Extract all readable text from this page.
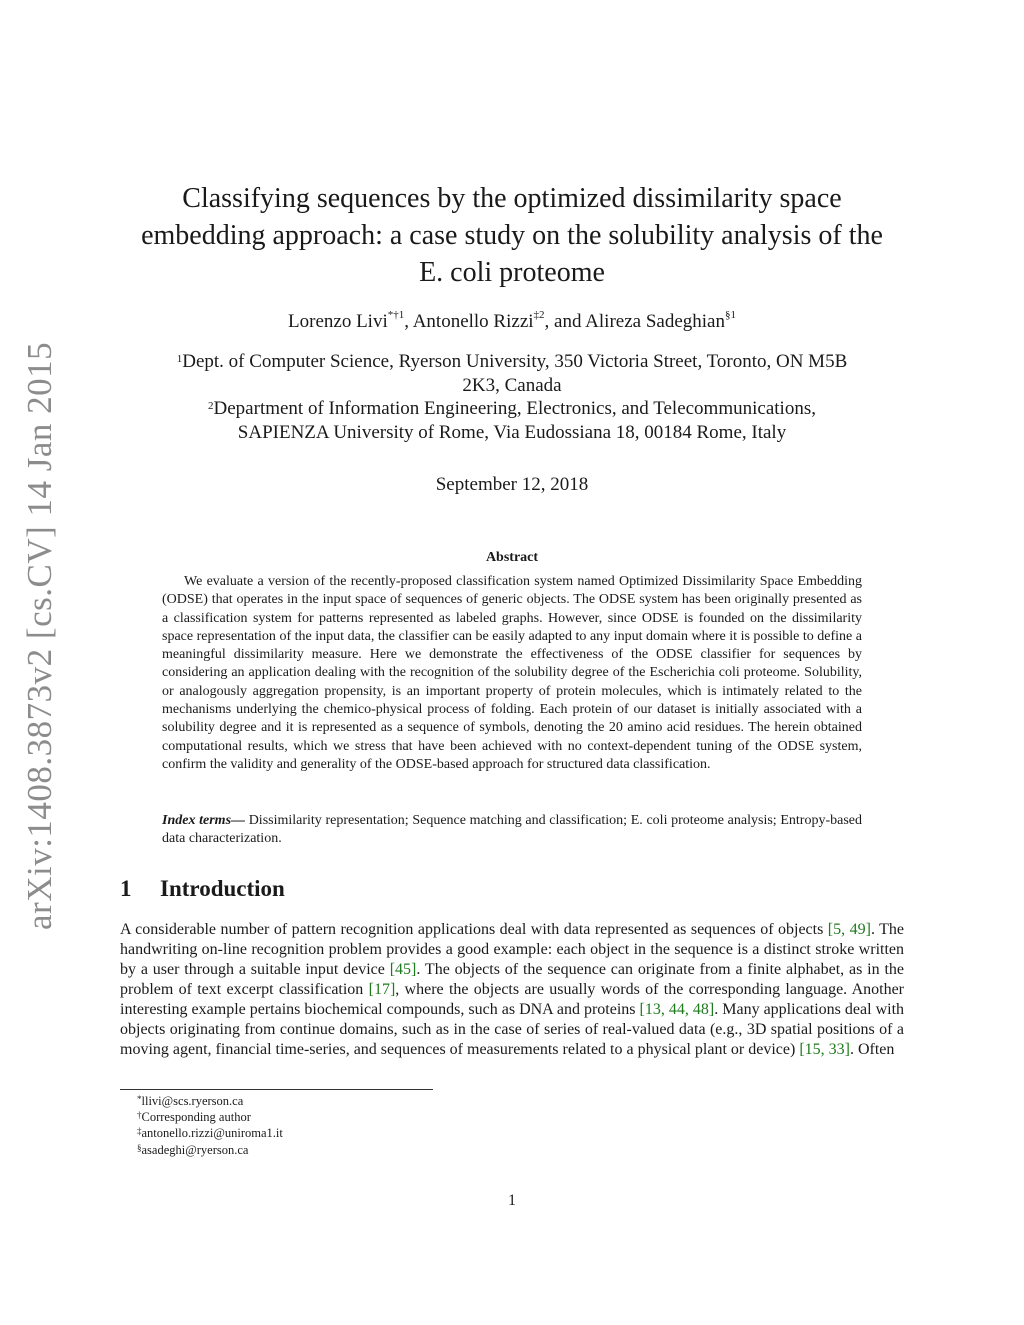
arXiv:1408.3873v2 [cs.CV] 14 Jan 2015
Classifying sequences by the optimized dissimilarity space
embedding approach: a case study on the solubility analysis of the
E. coli proteome
Lorenzo Livi$^{*\dagger 1}$, Antonello Rizzi$^{\ddagger 2}$, and Alireza Sadeghian$^{\S 1}$

$^1$Dept. of Computer Science, Ryerson University, 350 Victoria Street, Toronto, ON M5B

2K3, Canada

$^2$Department of Information Engineering, Electronics, and Telecommunications,

SAPIENZA University of Rome, Via Eudossiana 18, 00184 Rome, Italy

September 12, 2018
Abstract
We evaluate a version of the recently-proposed classification system named Optimized Dissimilarity Space Embedding (ODSE) that operates in the input space of sequences of generic objects. The ODSE system has been originally presented as a classification system for patterns represented as labeled graphs. However, since ODSE is founded on the dissimilarity space representation of the input data, the classifier can be easily adapted to any input domain where it is possible to define a meaningful dissimilarity measure. Here we demonstrate the effectiveness of the ODSE classifier for sequences by considering an application dealing with the recognition of the solubility degree of the Escherichia coli proteome. Solubility, or analogously aggregation propensity, is an important property of protein molecules, which is intimately related to the mechanisms underlying the chemico-physical process of folding. Each protein of our dataset is initially associated with a solubility degree and it is represented as a sequence of symbols, denoting the 20 amino acid residues. The herein obtained computational results, which we stress that have been achieved with no context-dependent tuning of the ODSE system, confirm the validity and generality of the ODSE-based approach for structured data classification.
Index terms— Dissimilarity representation; Sequence matching and classification; E. coli proteome analysis; Entropy-based data characterization.
1 Introduction
A considerable number of pattern recognition applications deal with data represented as sequences of objects [5, 49]. The handwriting on-line recognition problem provides a good example: each object in the sequence is a distinct stroke written by a user through a suitable input device [45]. The objects of the sequence can originate from a finite alphabet, as in the problem of text excerpt classification [17], where the objects are usually words of the corresponding language. Another interesting example pertains biochemical compounds, such as DNA and proteins [13, 44, 48]. Many applications deal with objects originating from continue domains, such as in the case of series of real-valued data (e.g., 3D spatial positions of a moving agent, financial time-series, and sequences of measurements related to a physical plant or device) [15, 33]. Often
*llivi@scs.ryerson.ca
†Corresponding author
‡antonello.rizzi@uniroma1.it
§asadeghi@ryerson.ca
1
